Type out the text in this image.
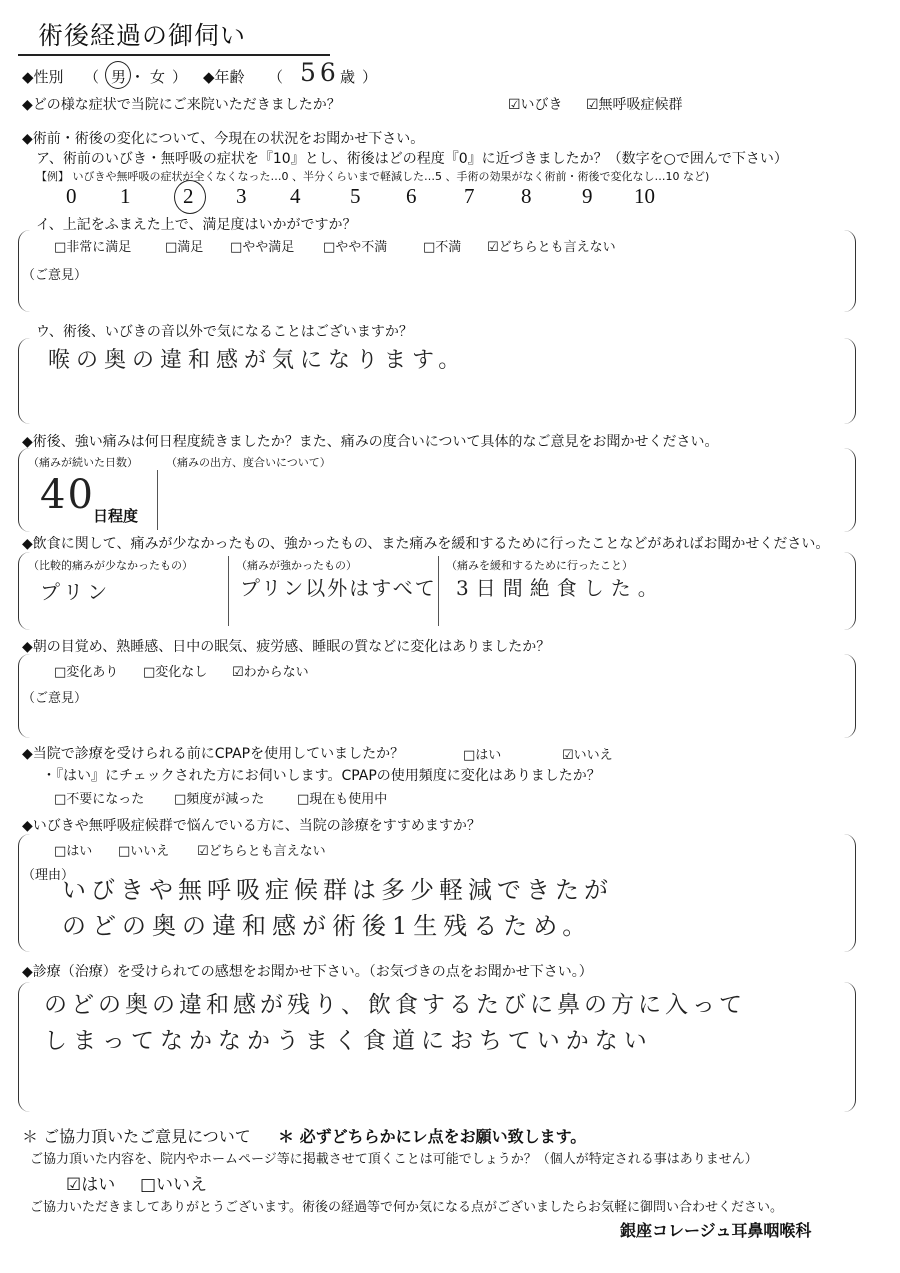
術後経過の御伺い
◆性別 （ 男 ・ 女 ） ◆年齢 （ 56 歳 ）
◆どの様な症状で当院にご来院いただきましたか？	☑いびき ☑無呼吸症候群
◆術前・術後の変化について、今現在の状況をお聞かせ下さい。
ア、術前のいびき・無呼吸の症状を『10』とし、術後はどの程度『0』に近づきましたか？（数字を○で囲んで下さい）
【例】 いびきや無呼吸の症状が全くなくなった…0 、半分くらいまで軽減した…5 、手術の効果がなく術前・術後で変化なし…10 など)
0 1	2 3 4 5 6 7 8 9 10
イ、上記をふまえた上で、満足度はいかがですか？
□非常に満足	□満足 □やや満足 □やや不満	□不満 ☑どちらとも言えない
（ご意見）
ウ、術後、いびきの音以外で気になることはございますか？
喉の奥の違和感が気になります。
◆術後、強い痛みは何日程度続きましたか？また、痛みの度合いについて具体的なご意見をお聞かせください。
（痛みが続いた日数）	（痛みの出方、度合いについて）
40
日程度
◆飲食に関して、痛みが少なかったもの、強かったもの、また痛みを緩和するために行ったことなどがあればお聞かせください。
（比較的痛みが少なかったもの）	（痛みが強かったもの）	（痛みを緩和するために行ったこと）
プリン	プリン以外はすべて 3日間絶食した。
◆朝の目覚め、熟睡感、日中の眠気、疲労感、睡眠の質などに変化はありましたか？
□変化あり □変化なし ☑わからない
（ご意見）
◆当院で診療を受けられる前にCPAPを使用していましたか？	□はい	☑いいえ
・『はい』にチェックされた方にお伺いします。CPAPの使用頻度に変化はありましたか？
□不要になった □頻度が減った	□現在も使用中
◆いびきや無呼吸症候群で悩んでいる方に、当院の診療をすすめますか？
□はい □いいえ ☑どちらとも言えない
（理由）
いびきや無呼吸症候群は多少軽減できたが
のどの奥の違和感が術後1生残るため。
◆診療（治療）を受けられての感想をお聞かせ下さい。（お気づきの点をお聞かせ下さい。）
のどの奥の違和感が残り、飲食するたびに鼻の方に入って
しまってなかなかうまく食道におちていかない
＊ ご協力頂いたご意見について ＊ 必ずどちらかにレ点をお願い致します。
ご協力頂いた内容を、院内やホームページ等に掲載させて頂くことは可能でしょうか？（個人が特定される事はありません）
☑はい □いいえ
ご協力いただきましてありがとうございます。術後の経過等で何か気になる点がございましたらお気軽に御問い合わせください。
銀座コレージュ耳鼻咽喉科
